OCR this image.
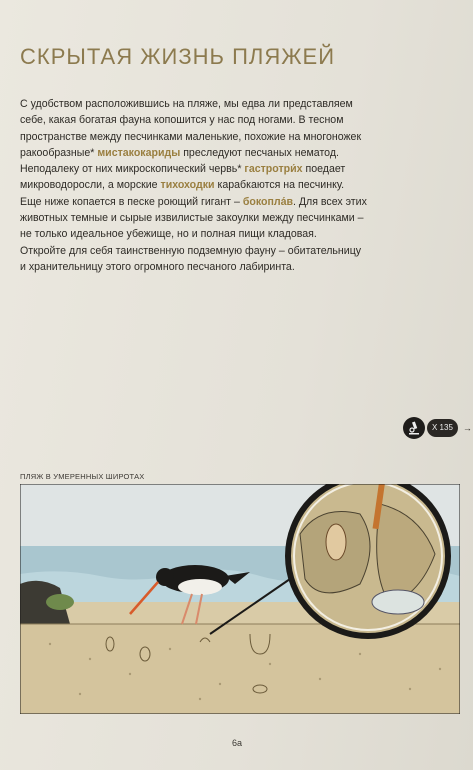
СКРЫТАЯ ЖИЗНЬ ПЛЯЖЕЙ
С удобством расположившись на пляже, мы едва ли представляем
себе, какая богатая фауна копошится у нас под ногами. В тесном
пространстве между песчинками маленькие, похожие на многоножек
ракообразные* мистакокариды преследуют песчаных нематод.
Неподалеку от них микроскопический червь* гастротри́х поедает
микроводоросли, а морские тихоходки карабкаются на песчинку.
Еще ниже копается в песке роющий гигант – бокопла́в. Для всех этих
животных темные и сырые извилистые закоулки между песчинками –
не только идеальное убежище, но и полная пищи кладовая.
Откройте для себя таинственную подземную фауну – обитательницу
и хранительницу этого огромного песчаного лабиринта.
X 135	→
ПЛЯЖ В УМЕРЕННЫХ ШИРОТАХ
6a
